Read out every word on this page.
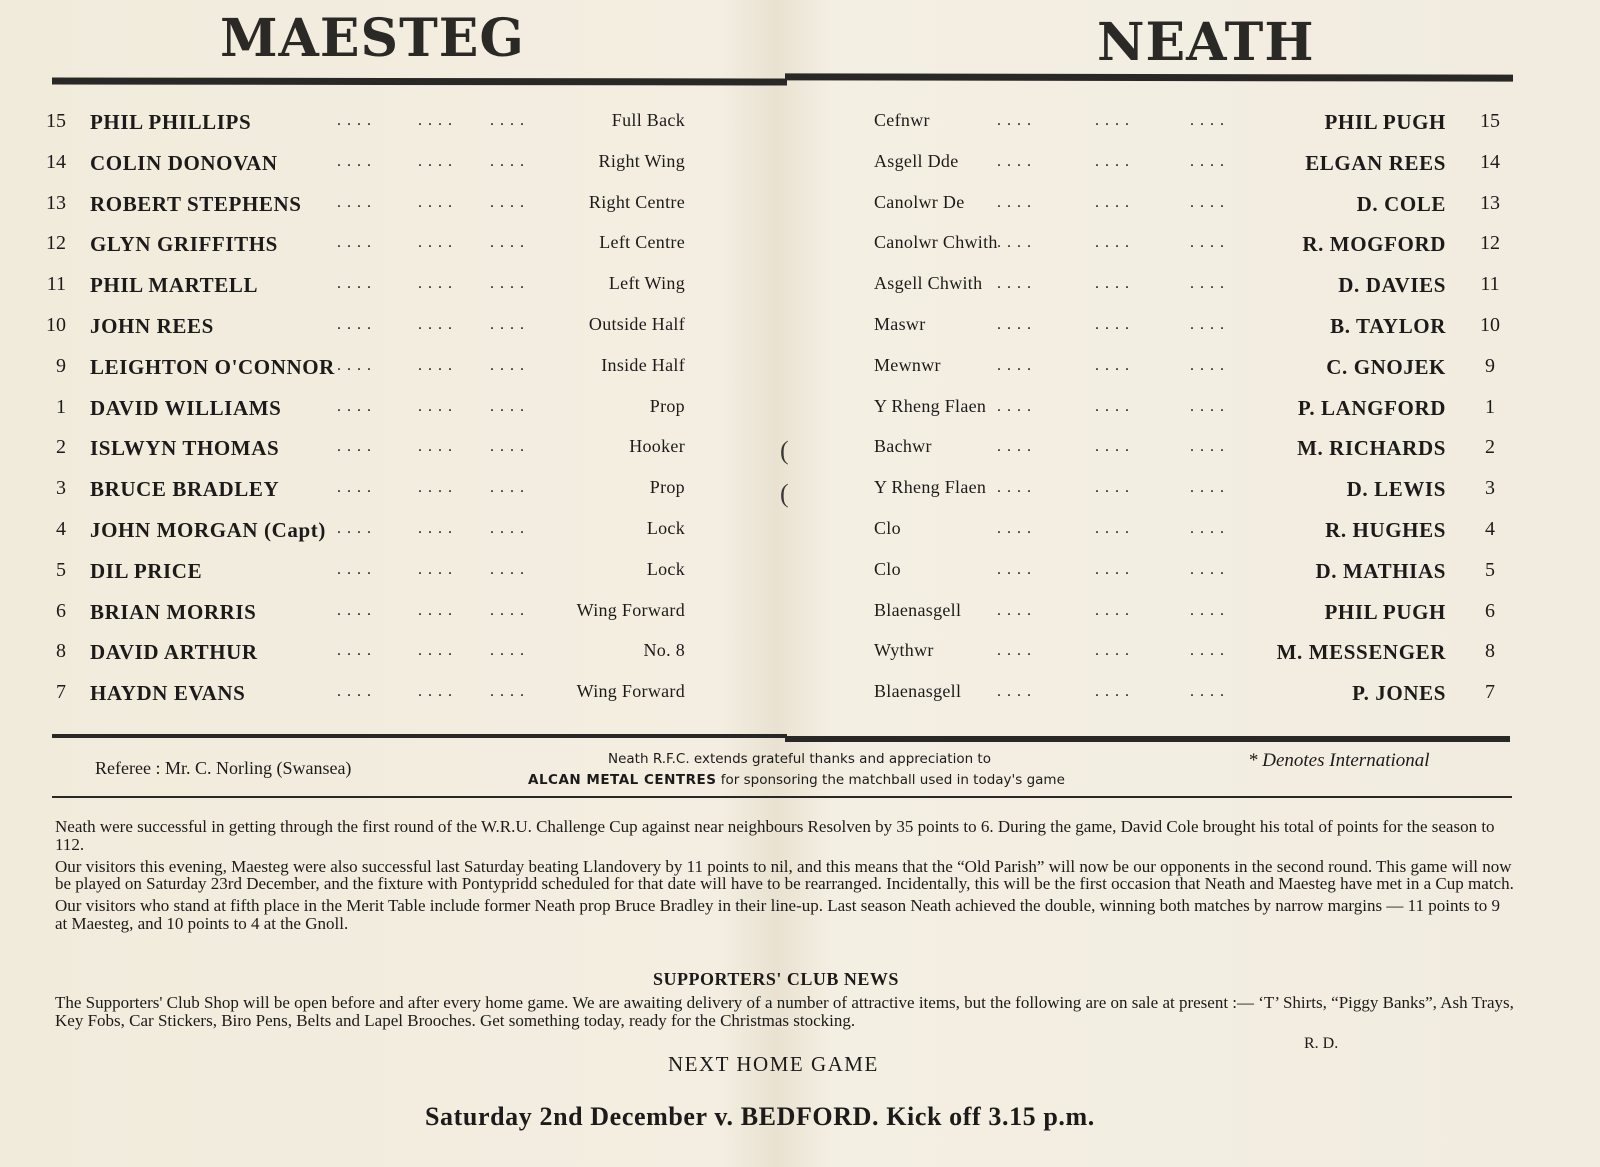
MAESTEG	NEATH
15 PHIL PHILLIPS	. . . .	. . . . . . . .	Full Back
14 COLIN DONOVAN	. . . .	. . . . . . . .	Right Wing
13 ROBERT STEPHENS . . . .	. . . . . . . .	Right Centre
12 GLYN GRIFFITHS	. . . .	. . . . . . . .	Left Centre
11 PHIL MARTELL	. . . .	. . . . . . . .	Left Wing
10 JOHN REES	. . . .	. . . . . . . .	Outside Half
9 LEIGHTON O'CONNOR . . . .	. . . . . . . .	Inside Half
1 DAVID WILLIAMS	. . . .	. . . . . . . .	Prop
2 ISLWYN THOMAS	. . . .	. . . . . . . .	Hooker
3 BRUCE BRADLEY	. . . .	. . . . . . . .	Prop
4 JOHN MORGAN (Capt) . . . .	. . . . . . . .	Lock
5 DIL PRICE	. . . .	. . . . . . . .	Lock
6 BRIAN MORRIS	. . . .	. . . . . . . .	Wing Forward
8 DAVID ARTHUR	. . . .	. . . . . . . .	No. 8
7 HAYDN EVANS	. . . .	. . . . . . . .	Wing Forward
Cefnwr	. . . .	. . . .	. . . .	PHIL PUGH	15
Asgell Dde . . . .	. . . .	. . . .	ELGAN REES	14
Canolwr De . . . .	. . . .	. . . .	D. COLE	13
Canolwr Chwith . . . .	. . . .	. . . .	R. MOGFORD	12
Asgell Chwith . . . .	. . . .	. . . .	D. DAVIES	11
Maswr	. . . .	. . . .	. . . .	B. TAYLOR	10
Mewnwr	. . . .	. . . .	. . . .	C. GNOJEK	9
Y Rheng Flaen . . . .	. . . .	. . . .	P. LANGFORD	1
Bachwr	. . . .	. . . .	. . . .	M. RICHARDS	2
Y Rheng Flaen . . . .	. . . .	. . . .	D. LEWIS	3
Clo	. . . .	. . . .	. . . .	R. HUGHES	4
Clo	. . . .	. . . .	. . . .	D. MATHIAS	5
Blaenasgell . . . .	. . . .	. . . .	PHIL PUGH	6
Wythwr	. . . .	. . . .	. . . . M. MESSENGER	8
Blaenasgell . . . .	. . . .	. . . .	P. JONES	7
(
(
Referee : Mr. C. Norling (Swansea)	Neath R.F.C. extends grateful thanks and appreciation to
ALCAN METAL CENTRES for sponsoring the matchball used in today's game
* Denotes International

Neath were successful in getting through the first round of the W.R.U. Challenge Cup against near neighbours Resolven by 35 points to 6. During the game, David Cole brought his total of points for the season to 112.

Our visitors this evening, Maesteg were also successful last Saturday beating Llandovery by 11 points to nil, and this means that the “Old Parish” will now be our opponents in the second round. This game will now be played on Saturday 23rd December, and the fixture with Pontypridd scheduled for that date will have to be rearranged. Incidentally, this will be the first occasion that Neath and Maesteg have met in a Cup match.

Our visitors who stand at fifth place in the Merit Table include former Neath prop Bruce Bradley in their line-up. Last season Neath achieved the double, winning both matches by narrow margins — 11 points to 9 at Maesteg, and 10 points to 4 at the Gnoll.

SUPPORTERS' CLUB NEWS

The Supporters' Club Shop will be open before and after every home game. We are awaiting delivery of a number of attractive items, but the following are on sale at present :— ‘T’ Shirts, “Piggy Banks”, Ash Trays, Key Fobs, Car Stickers, Biro Pens, Belts and Lapel Brooches. Get something today, ready for the Christmas stocking.

R. D.
NEXT HOME GAME
Saturday 2nd December v. BEDFORD. Kick off 3.15 p.m.
